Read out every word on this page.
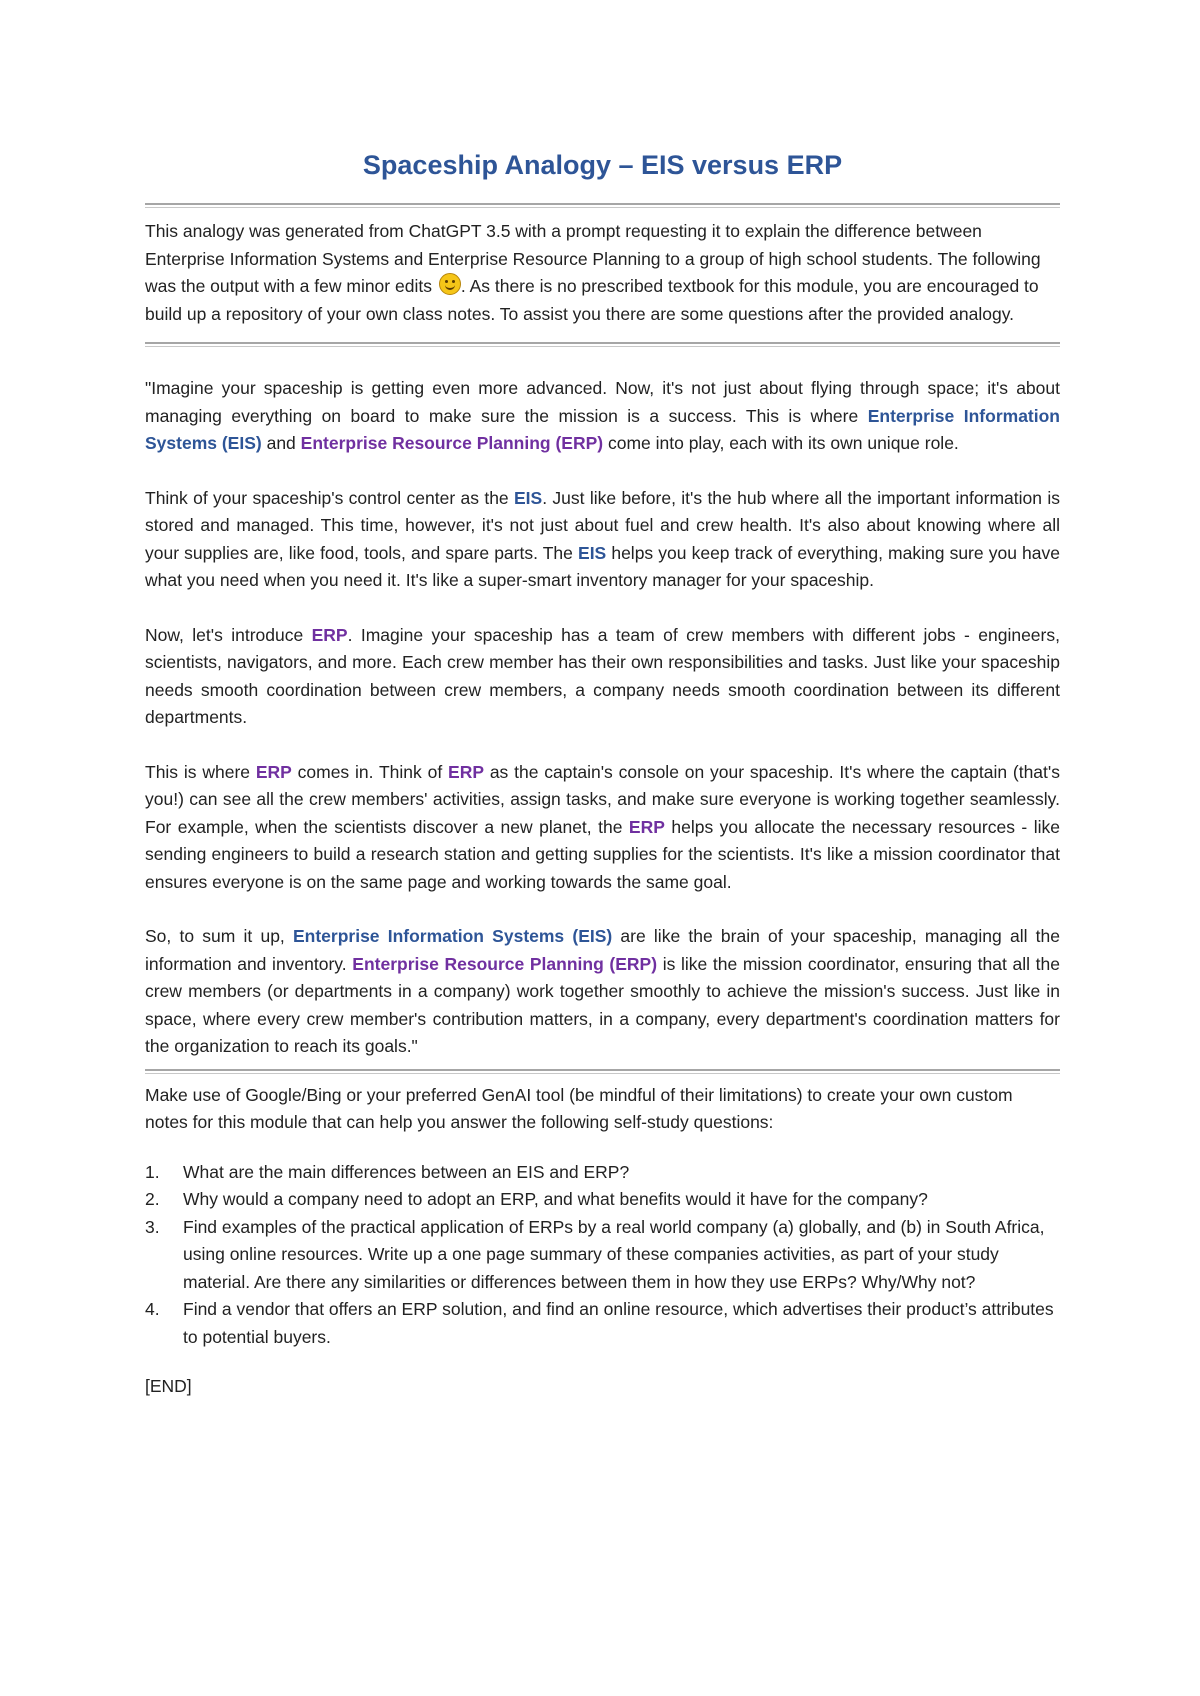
Spaceship Analogy – EIS versus ERP

This analogy was generated from ChatGPT 3.5 with a prompt requesting it to explain the difference between Enterprise Information Systems and Enterprise Resource Planning to a group of high school students. The following was the output with a few minor edits . As there is no prescribed textbook for this module, you are encouraged to build up a repository of your own class notes. To assist you there are some questions after the provided analogy.

"Imagine your spaceship is getting even more advanced. Now, it's not just about flying through space; it's about managing everything on board to make sure the mission is a success. This is where Enterprise Information Systems (EIS) and Enterprise Resource Planning (ERP) come into play, each with its own unique role.

Think of your spaceship's control center as the EIS. Just like before, it's the hub where all the important information is stored and managed. This time, however, it's not just about fuel and crew health. It's also about knowing where all your supplies are, like food, tools, and spare parts. The EIS helps you keep track of everything, making sure you have what you need when you need it. It's like a super-smart inventory manager for your spaceship.

Now, let's introduce ERP. Imagine your spaceship has a team of crew members with different jobs - engineers, scientists, navigators, and more. Each crew member has their own responsibilities and tasks. Just like your spaceship needs smooth coordination between crew members, a company needs smooth coordination between its different departments.

This is where ERP comes in. Think of ERP as the captain's console on your spaceship. It's where the captain (that's you!) can see all the crew members' activities, assign tasks, and make sure everyone is working together seamlessly. For example, when the scientists discover a new planet, the ERP helps you allocate the necessary resources - like sending engineers to build a research station and getting supplies for the scientists. It's like a mission coordinator that ensures everyone is on the same page and working towards the same goal.

So, to sum it up, Enterprise Information Systems (EIS) are like the brain of your spaceship, managing all the information and inventory. Enterprise Resource Planning (ERP) is like the mission coordinator, ensuring that all the crew members (or departments in a company) work together smoothly to achieve the mission's success. Just like in space, where every crew member's contribution matters, in a company, every department's coordination matters for the organization to reach its goals."

Make use of Google/Bing or your preferred GenAI tool (be mindful of their limitations) to create your own custom notes for this module that can help you answer the following self-study questions:

1. What are the main differences between an EIS and ERP?
2. Why would a company need to adopt an ERP, and what benefits would it have for the company?
3. Find examples of the practical application of ERPs by a real world company (a) globally, and (b) in South Africa, using online resources. Write up a one page summary of these companies activities, as part of your study material. Are there any similarities or differences between them in how they use ERPs? Why/Why not?
4. Find a vendor that offers an ERP solution, and find an online resource, which advertises their product’s attributes to potential buyers.

[END]
